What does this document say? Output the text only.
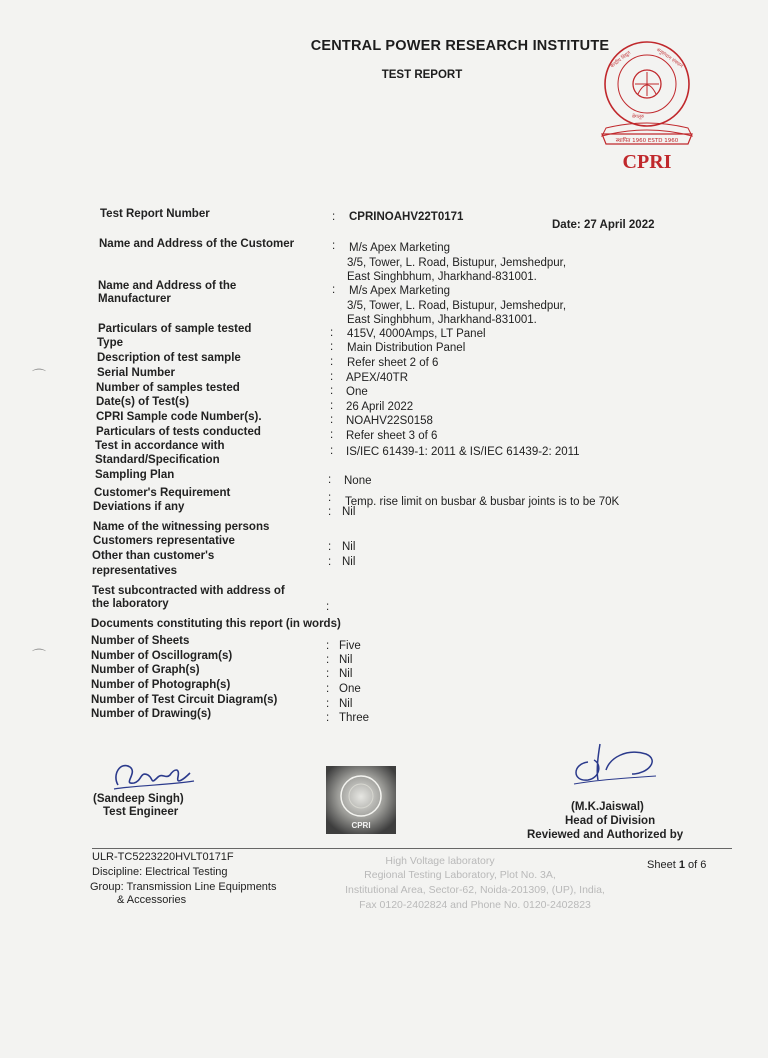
CENTRAL POWER RESEARCH INSTITUTE
TEST REPORT
केन्द्रीय विद्युत	अनुसंधान संस्थान
बेंगलूरु
स्थापित 1960 ESTD 1960
CPRI
Test Report Number	: CPRINOAHV22T0171
Date: 27 April 2022
Name and Address of the Customer	: M/s Apex Marketing
3/5, Tower, L. Road, Bistupur, Jemshedpur,
East Singhbhum, Jharkhand-831001.
Name and Address of the
Manufacturer
: M/s Apex Marketing
3/5, Tower, L. Road, Bistupur, Jemshedpur,
East Singhbhum, Jharkhand-831001.
Particulars of sample tested	: 415V, 4000Amps, LT Panel
Type	: Main Distribution Panel
Description of test sample	: Refer sheet 2 of 6
Serial Number	: APEX/40TR
Number of samples tested	: One
Date(s) of Test(s)	: 26 April 2022
CPRI Sample code Number(s).	: NOAHV22S0158
Particulars of tests conducted	: Refer sheet 3 of 6
Test in accordance with
Standard/Specification
: IS/IEC 61439-1: 2011 & IS/IEC 61439-2: 2011
Sampling Plan	: None
Customer's Requirement	: Temp. rise limit on busbar & busbar joints is to be 70K
Deviations if any	: Nil
Name of the witnessing persons
Customers representative	: Nil
Other than customer's
representatives
: Nil
Test subcontracted with address of
the laboratory	:
Documents constituting this report (in words)
Number of Sheets	: Five
Number of Oscillogram(s)	: Nil
Number of Graph(s)	: Nil
Number of Photograph(s)	: One
Number of Test Circuit Diagram(s)	: Nil
Number of Drawing(s)	: Three
⌒
⌒
(Sandeep Singh)
Test Engineer
CPRI
(M.K.Jaiswal)
Head of Division
Reviewed and Authorized by
ULR-TC5223220HVLT0171F
Discipline: Electrical Testing
Group: Transmission Line Equipments
& Accessories
High Voltage laboratory
Regional Testing Laboratory, Plot No. 3A,
Institutional Area, Sector-62, Noida-201309, (UP), India,
Fax 0120-2402824 and Phone No. 0120-2402823
Sheet 1 of 6
